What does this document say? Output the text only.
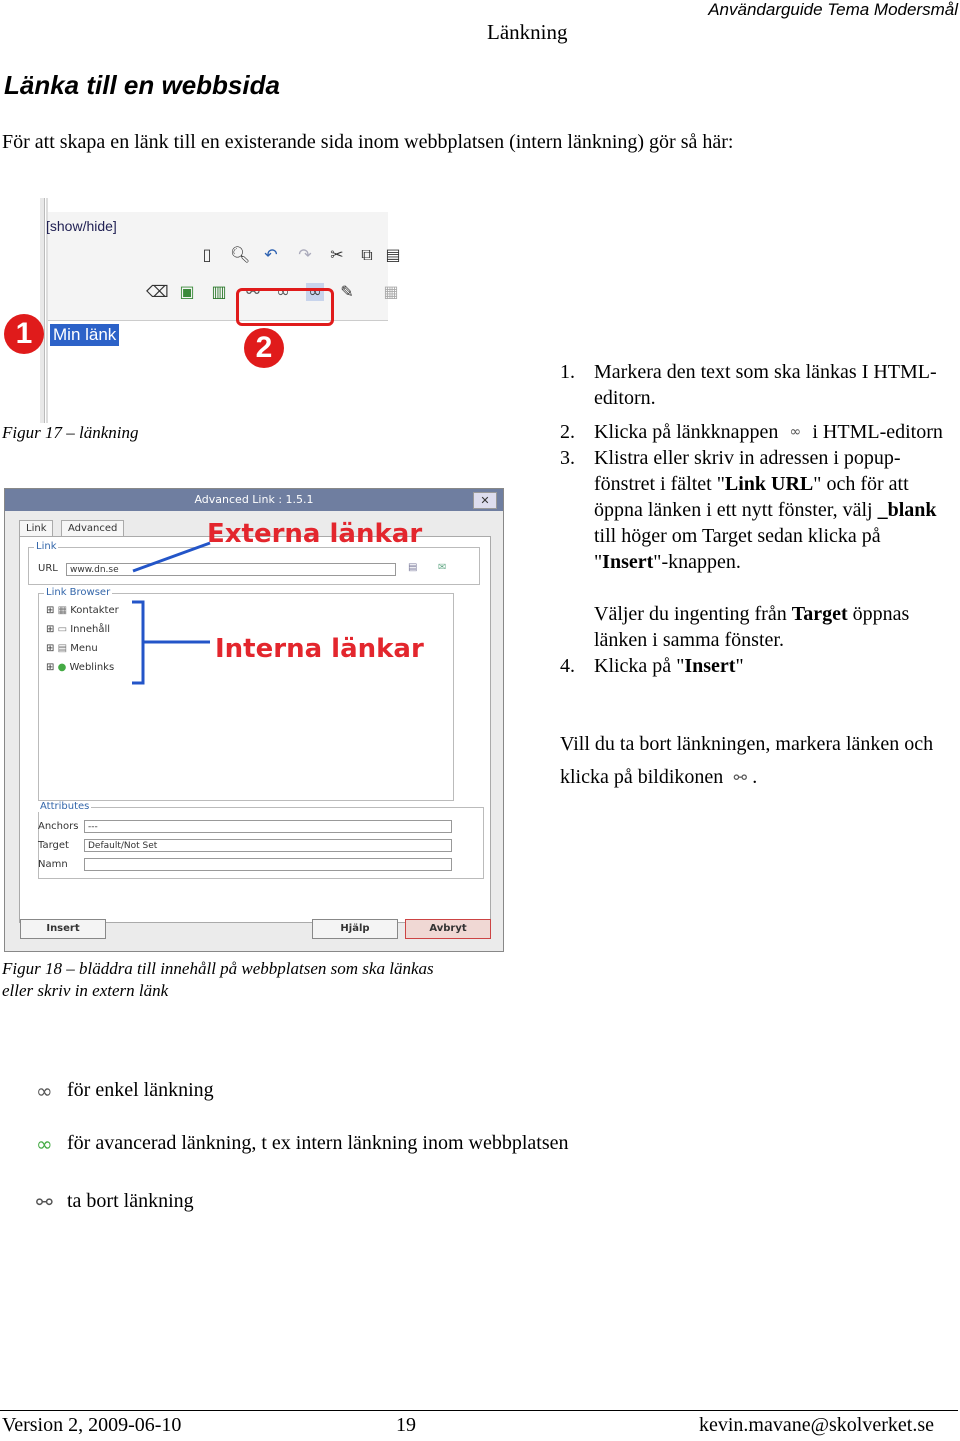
Länkning
Användarguide Tema Modersmål
Länka till en webbsida
För att skapa en länk till en existerande sida inom webbplatsen (intern länkning) gör så här:
▯ 🔍︎ ↶ ↷ ✂ ⧉ ▤
⌫ ▣ ▥ ⚯ ∞ ∞ ✎ ▦
[show/hide]
Min länk
1	2
Figur 17 – länkning
1. Markera den text som ska länkas I HTML-editorn.
2. Klicka på länkknappen ∞ i HTML-editorn
3. Klistra eller skriv in adressen i popup-fönstret i fältet "Link URL" och för att öppna länken i ett nytt fönster, välj _blank till höger om Target sedan klicka på "Insert"-knappen.
Väljer du ingenting från Target öppnas länken i samma fönster.
4. Klicka på "Insert"
Vill du ta bort länkningen, markera länken och klicka på bildikonen ⚯ .
Advanced Link : 1.5.1	✕
Link	Advanced
Link
URL	www.dn.se	▤ ✉
Link Browser
⊞ ▦ Kontakter
⊞ ▭ Innehåll
⊞ ▤ Menu
⊞ ● Weblinks
Attributes
Anchors	---
Target	Default/Not Set
Namn
Insert	Hjälp	Avbryt
Externa länkar
Interna länkar
Figur 18 – bläddra till innehåll på webbplatsen som ska länkas
eller skriv in extern länk
∞ för enkel länkning
∞ för avancerad länkning, t ex intern länkning inom webbplatsen
⚯ ta bort länkning
Version 2, 2009-06-10	19	kevin.mavane@skolverket.se
